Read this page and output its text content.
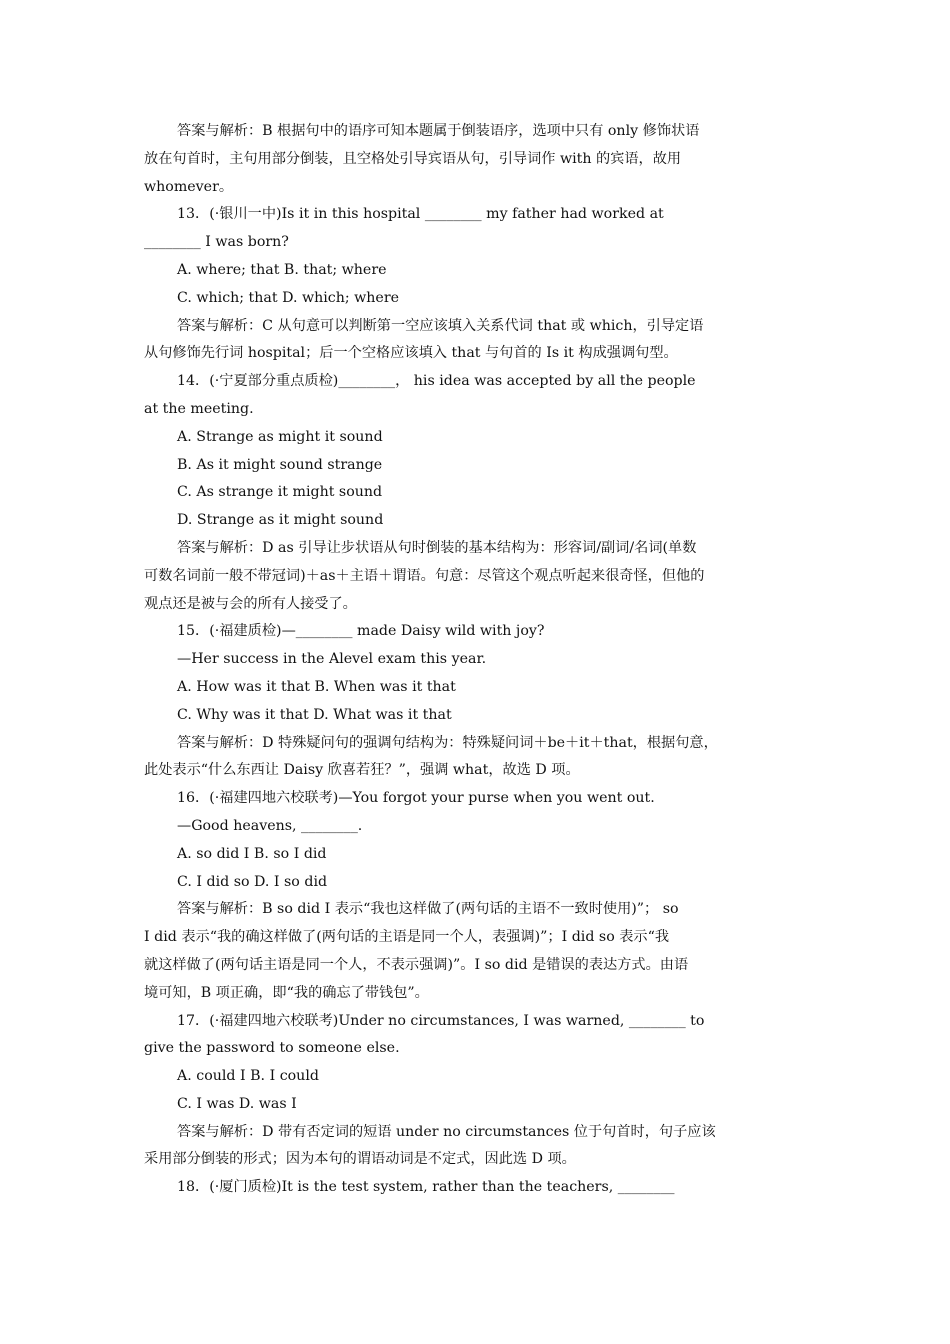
答案与解析：B 根据句中的语序可知本题属于倒装语序，选项中只有 only 修饰状语
放在句首时，主句用部分倒装，且空格处引导宾语从句，引导词作 with 的宾语，故用
whomever。
13．(·银川一中)Is it in this hospital ________ my father had worked at
________ I was born?
A. where; that B. that; where
C. which; that D. which; where
答案与解析：C 从句意可以判断第一空应该填入关系代词 that 或 which，引导定语
从句修饰先行词 hospital；后一个空格应该填入 that 与句首的 Is it 构成强调句型。
14．(·宁夏部分重点质检)________， his idea was accepted by all the people
at the meeting.
A. Strange as might it sound
B. As it might sound strange
C. As strange it might sound
D. Strange as it might sound
答案与解析：D as 引导让步状语从句时倒装的基本结构为：形容词/副词/名词(单数
可数名词前一般不带冠词)＋as＋主语＋谓语。句意：尽管这个观点听起来很奇怪，但他的
观点还是被与会的所有人接受了。
15．(·福建质检)—________ made Daisy wild with joy?
—Her success in the Alevel exam this year.
A. How was it that B. When was it that
C. Why was it that D. What was it that
答案与解析：D 特殊疑问句的强调句结构为：特殊疑问词＋be＋it＋that，根据句意，
此处表示“什么东西让 Daisy 欣喜若狂？”，强调 what，故选 D 项。
16．(·福建四地六校联考)—You forgot your purse when you went out.
—Good heavens, ________.
A. so did I B. so I did
C. I did so D. I so did
答案与解析：B so did I 表示“我也这样做了(两句话的主语不一致时使用)”； so
I did 表示“我的确这样做了(两句话的主语是同一个人，表强调)”；I did so 表示“我
就这样做了(两句话主语是同一个人，不表示强调)”。I so did 是错误的表达方式。由语
境可知，B 项正确，即“我的确忘了带钱包”。
17．(·福建四地六校联考)Under no circumstances, I was warned, ________ to
give the password to someone else.
A. could I B. I could
C. I was D. was I
答案与解析：D 带有否定词的短语 under no circumstances 位于句首时，句子应该
采用部分倒装的形式；因为本句的谓语动词是不定式，因此选 D 项。
18．(·厦门质检)It is the test system, rather than the teachers, ________
